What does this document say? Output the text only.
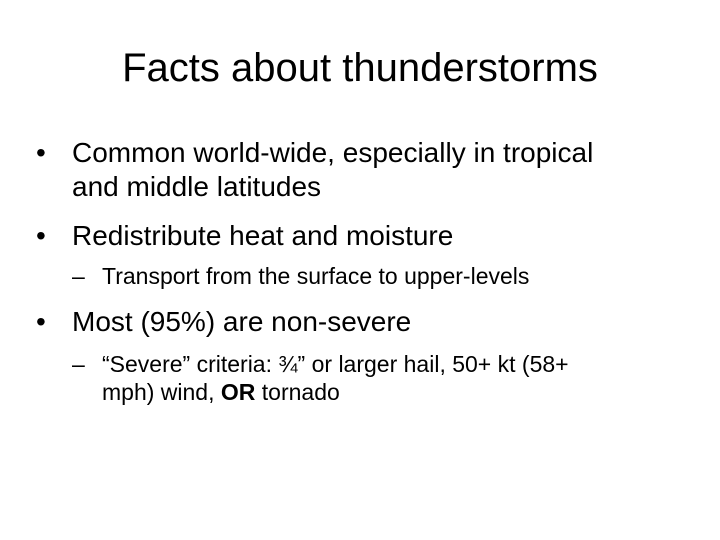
Facts about thunderstorms
• Common world-wide, especially in tropical
and middle latitudes
• Redistribute heat and moisture
– Transport from the surface to upper-levels
• Most (95%) are non-severe
– “Severe” criteria: ¾” or larger hail, 50+ kt (58+
mph) wind, OR tornado
